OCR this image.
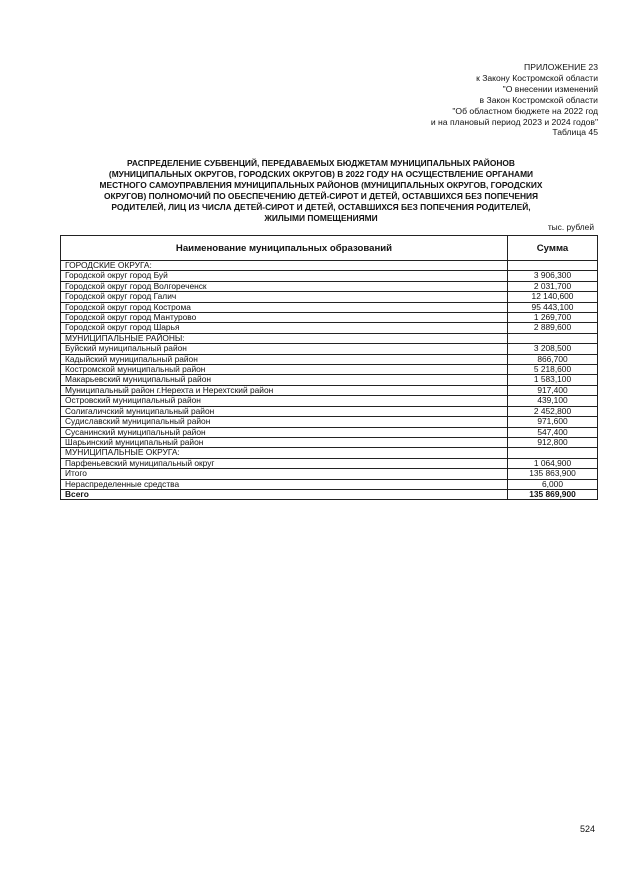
ПРИЛОЖЕНИЕ 23
к Закону Костромской области
"О внесении изменений
в Закон Костромской области
"Об областном бюджете на 2022 год
и на плановый период 2023 и 2024 годов"
Таблица 45
РАСПРЕДЕЛЕНИЕ СУБВЕНЦИЙ, ПЕРЕДАВАЕМЫХ БЮДЖЕТАМ МУНИЦИПАЛЬНЫХ РАЙОНОВ (МУНИЦИПАЛЬНЫХ ОКРУГОВ, ГОРОДСКИХ ОКРУГОВ) В 2022 ГОДУ НА ОСУЩЕСТВЛЕНИЕ ОРГАНАМИ МЕСТНОГО САМОУПРАВЛЕНИЯ МУНИЦИПАЛЬНЫХ РАЙОНОВ (МУНИЦИПАЛЬНЫХ ОКРУГОВ, ГОРОДСКИХ ОКРУГОВ) ПОЛНОМОЧИЙ ПО ОБЕСПЕЧЕНИЮ ДЕТЕЙ-СИРОТ И ДЕТЕЙ, ОСТАВШИХСЯ БЕЗ ПОПЕЧЕНИЯ РОДИТЕЛЕЙ, ЛИЦ ИЗ ЧИСЛА ДЕТЕЙ-СИРОТ И ДЕТЕЙ, ОСТАВШИХСЯ БЕЗ ПОПЕЧЕНИЯ РОДИТЕЛЕЙ, ЖИЛЫМИ ПОМЕЩЕНИЯМИ
тыс. рублей
Наименование муниципальных образований	Сумма
ГОРОДСКИЕ ОКРУГА:	
Городской округ город Буй	3 906,300
Городской округ город Волгореченск	2 031,700
Городской округ город Галич	12 140,600
Городской округ город Кострома	95 443,100
Городской округ город Мантурово	1 269,700
Городской округ город Шарья	2 889,600
МУНИЦИПАЛЬНЫЕ РАЙОНЫ:	
Буйский муниципальный район	3 208,500
Кадыйский муниципальный район	866,700
Костромской муниципальный район	5 218,600
Макарьевский муниципальный район	1 583,100
Муниципальный район г.Нерехта и Нерехтский район	917,400
Островский муниципальный район	439,100
Солигаличский муниципальный район	2 452,800
Судиславский муниципальный район	971,600
Сусанинский муниципальный район	547,400
Шарьинский муниципальный район	912,800
МУНИЦИПАЛЬНЫЕ ОКРУГА:	
Парфеньевский муниципальный округ	1 064,900
Итого	135 863,900
Нераспределенные средства	6,000
Всего	135 869,900
524
